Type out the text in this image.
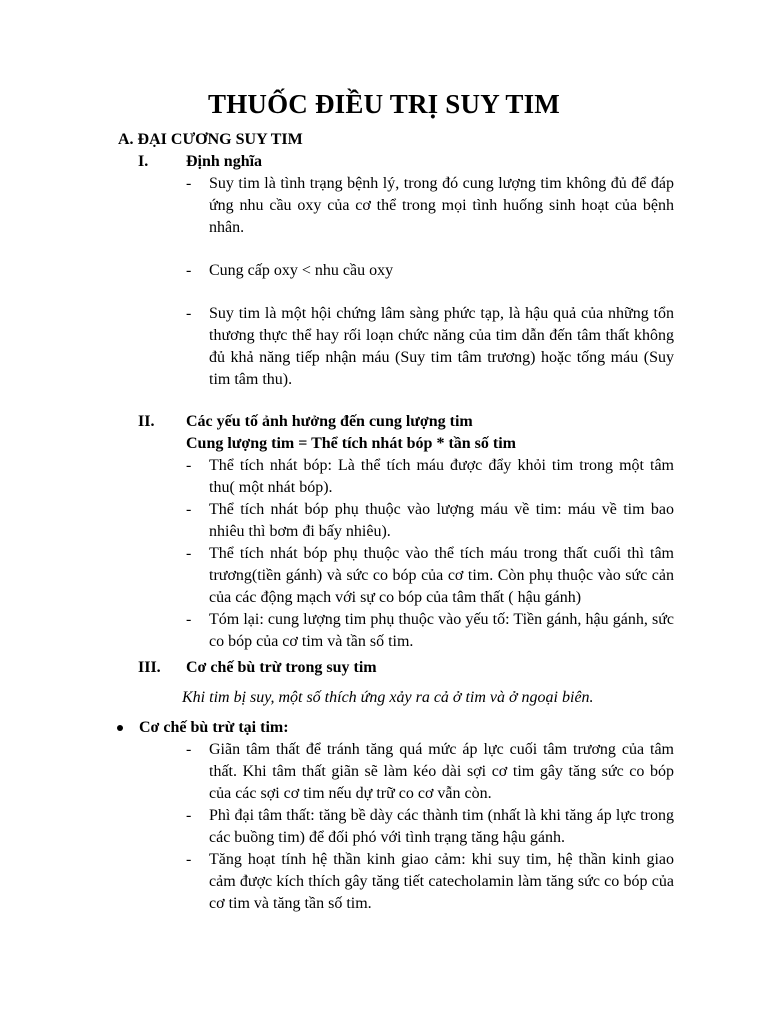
THUỐC ĐIỀU TRỊ SUY TIM
A. ĐẠI CƯƠNG SUY TIM
I. Định nghĩa
- Suy tim là tình trạng bệnh lý, trong đó cung lượng tim không đủ để đáp ứng nhu cầu oxy của cơ thể trong mọi tình huống sinh hoạt của bệnh nhân.
- Cung cấp oxy < nhu cầu oxy
- Suy tim là một hội chứng lâm sàng phức tạp, là hậu quả của những tổn thương thực thể hay rối loạn chức năng của tim dẫn đến tâm thất không đủ khả năng tiếp nhận máu (Suy tim tâm trương) hoặc tống máu (Suy tim tâm thu).
II. Các yếu tố ảnh hưởng đến cung lượng tim
Cung lượng tim = Thể tích nhát bóp * tần số tim
- Thể tích nhát bóp: Là thể tích máu được đẩy khỏi tim trong một tâm thu( một nhát bóp).
- Thể tích nhát bóp phụ thuộc vào lượng máu về tim: máu về tim bao nhiêu thì bơm đi bấy nhiêu).
- Thể tích nhát bóp phụ thuộc vào thể tích máu trong thất cuối thì tâm trương(tiền gánh) và sức co bóp của cơ tim. Còn phụ thuộc vào sức cản của các động mạch với sự co bóp của tâm thất ( hậu gánh)
- Tóm lại: cung lượng tim phụ thuộc vào yếu tố: Tiền gánh, hậu gánh, sức co bóp của cơ tim và tần số tim.
III. Cơ chế bù trừ trong suy tim
Khi tim bị suy, một số thích ứng xảy ra cả ở tim và ở ngoại biên.
Cơ chế bù trừ tại tim:
- Giãn tâm thất để tránh tăng quá mức áp lực cuối tâm trương của tâm thất. Khi tâm thất giãn sẽ làm kéo dài sợi cơ tim gây tăng sức co bóp của các sợi cơ tim nếu dự trữ co cơ vẫn còn.
- Phì đại tâm thất: tăng bề dày các thành tim (nhất là khi tăng áp lực trong các buồng tim) để đối phó với tình trạng tăng hậu gánh.
- Tăng hoạt tính hệ thần kinh giao cảm: khi suy tim, hệ thần kinh giao cảm được kích thích gây tăng tiết catecholamin làm tăng sức co bóp của cơ tim và tăng tần số tim.
